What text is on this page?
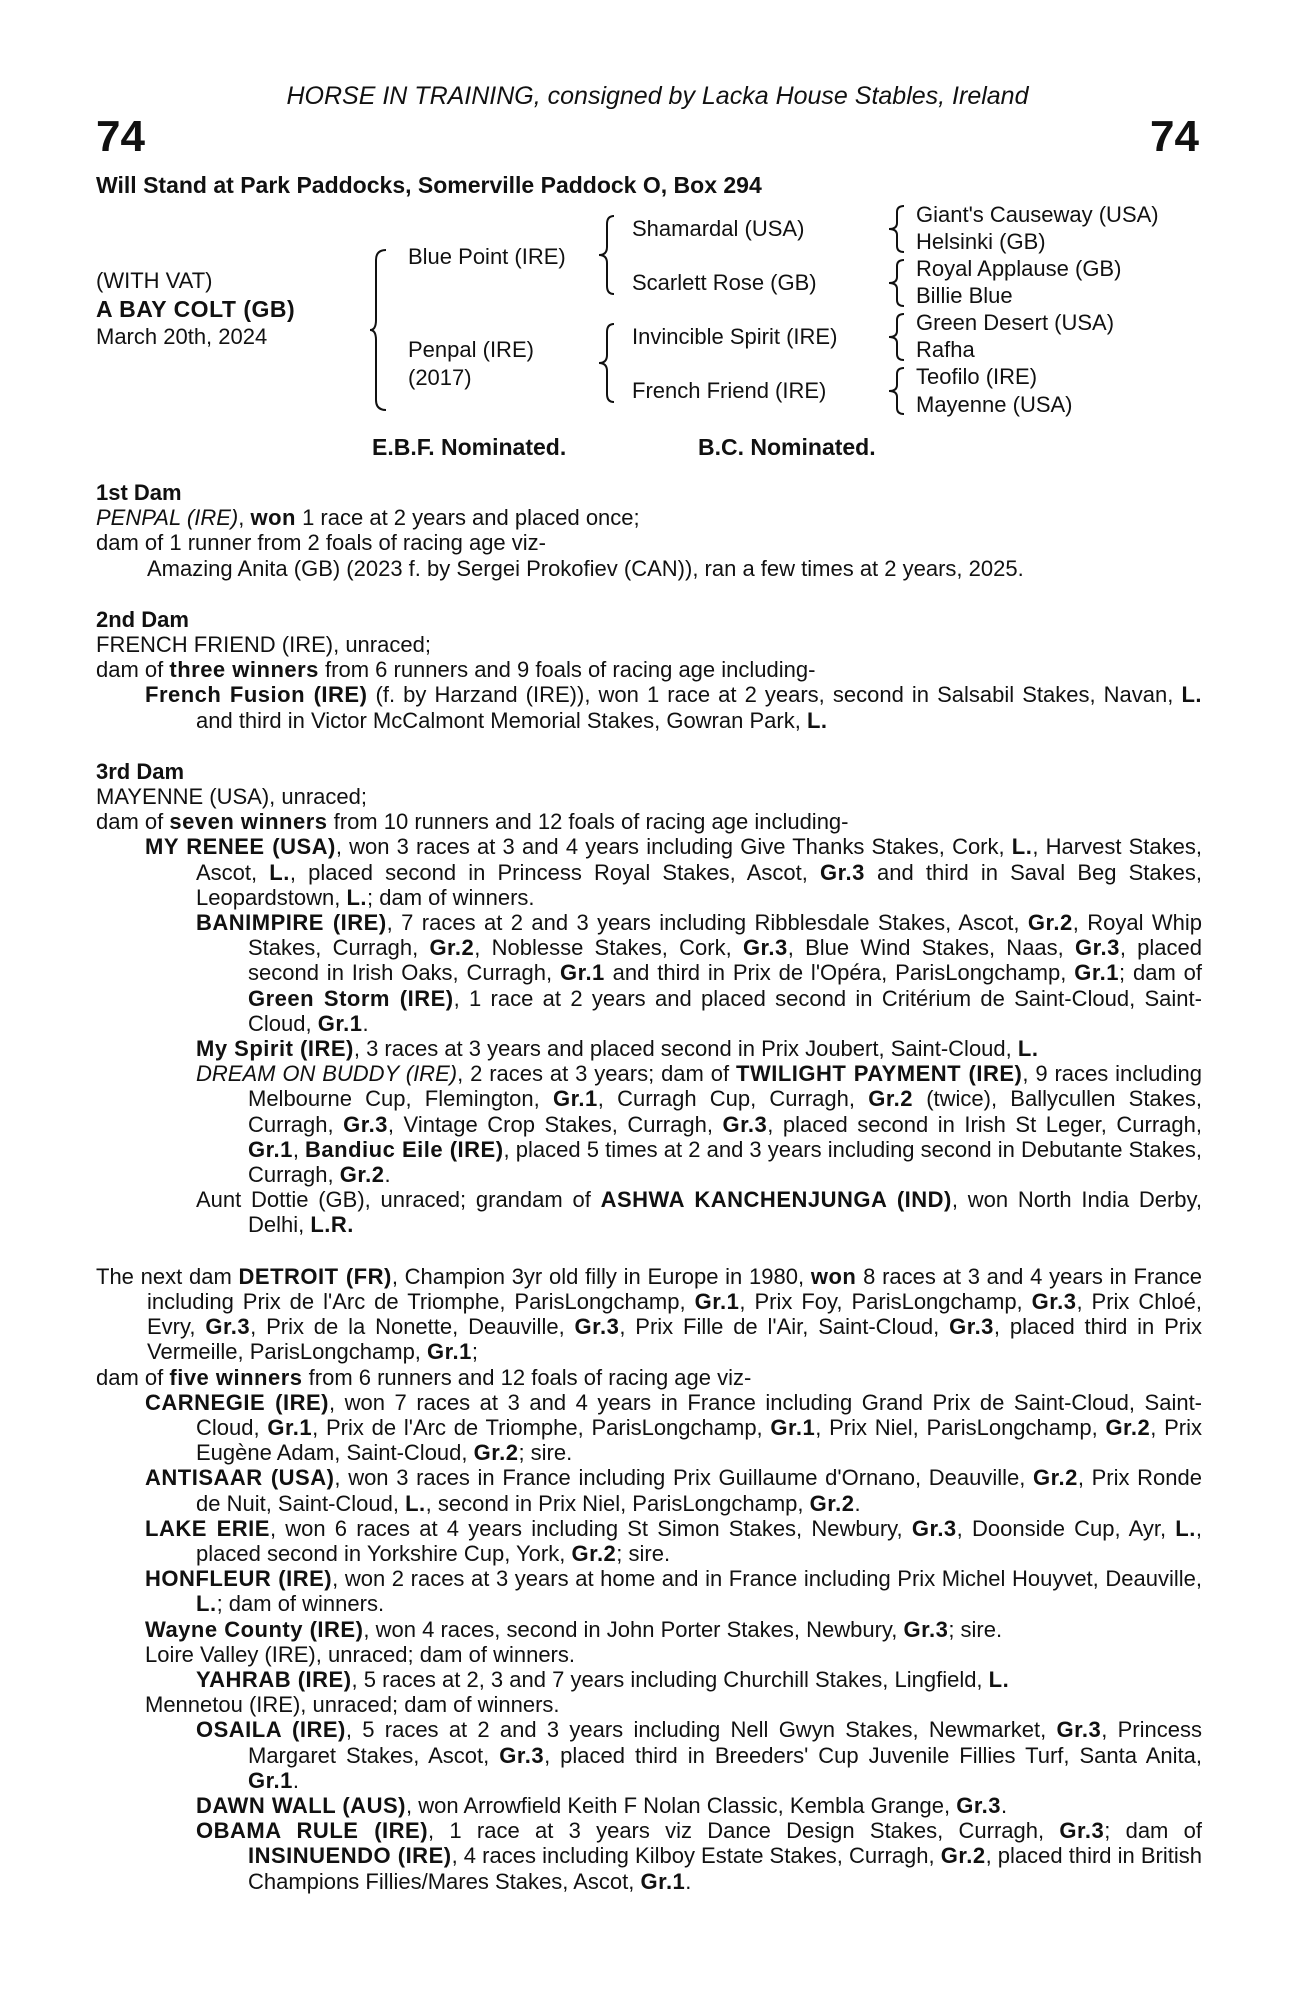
HORSE IN TRAINING, consigned by Lacka House Stables, Ireland
74	74
Will Stand at Park Paddocks, Somerville Paddock O, Box 294
(WITH VAT)
A BAY COLT (GB)
March 20th, 2024
Blue Point (IRE)
Penpal (IRE)
(2017)
Shamardal (USA)
Scarlett Rose (GB)
Invincible Spirit (IRE)
French Friend (IRE)
Giant's Causeway (USA)
Helsinki (GB)
Royal Applause (GB)
Billie Blue
Green Desert (USA)
Rafha
Teofilo (IRE)
Mayenne (USA)
E.B.F. Nominated.	B.C. Nominated.

1st Dam

PENPAL (IRE), won 1 race at 2 years and placed once;

dam of 1 runner from 2 foals of racing age viz-

Amazing Anita (GB) (2023 f. by Sergei Prokofiev (CAN)), ran a few times at 2 years, 2025.

2nd Dam

FRENCH FRIEND (IRE), unraced;

dam of three winners from 6 runners and 9 foals of racing age including-

French Fusion (IRE) (f. by Harzand (IRE)), won 1 race at 2 years, second in Salsabil Stakes, Navan, L. and third in Victor McCalmont Memorial Stakes, Gowran Park, L.

3rd Dam

MAYENNE (USA), unraced;

dam of seven winners from 10 runners and 12 foals of racing age including-

MY RENEE (USA), won 3 races at 3 and 4 years including Give Thanks Stakes, Cork, L., Harvest Stakes, Ascot, L., placed second in Princess Royal Stakes, Ascot, Gr.3 and third in Saval Beg Stakes, Leopardstown, L.; dam of winners.

BANIMPIRE (IRE), 7 races at 2 and 3 years including Ribblesdale Stakes, Ascot, Gr.2, Royal Whip Stakes, Curragh, Gr.2, Noblesse Stakes, Cork, Gr.3, Blue Wind Stakes, Naas, Gr.3, placed second in Irish Oaks, Curragh, Gr.1 and third in Prix de l'Opéra, ParisLongchamp, Gr.1; dam of Green Storm (IRE), 1 race at 2 years and placed second in Critérium de Saint-Cloud, Saint-Cloud, Gr.1.

My Spirit (IRE), 3 races at 3 years and placed second in Prix Joubert, Saint-Cloud, L.

DREAM ON BUDDY (IRE), 2 races at 3 years; dam of TWILIGHT PAYMENT (IRE), 9 races including Melbourne Cup, Flemington, Gr.1, Curragh Cup, Curragh, Gr.2 (twice), Ballycullen Stakes, Curragh, Gr.3, Vintage Crop Stakes, Curragh, Gr.3, placed second in Irish St Leger, Curragh, Gr.1, Bandiuc Eile (IRE), placed 5 times at 2 and 3 years including second in Debutante Stakes, Curragh, Gr.2.

Aunt Dottie (GB), unraced; grandam of ASHWA KANCHENJUNGA (IND), won North India Derby, Delhi, L.R.

The next dam DETROIT (FR), Champion 3yr old filly in Europe in 1980, won 8 races at 3 and 4 years in France including Prix de l'Arc de Triomphe, ParisLongchamp, Gr.1, Prix Foy, ParisLongchamp, Gr.3, Prix Chloé, Evry, Gr.3, Prix de la Nonette, Deauville, Gr.3, Prix Fille de l'Air, Saint-Cloud, Gr.3, placed third in Prix Vermeille, ParisLongchamp, Gr.1;

dam of five winners from 6 runners and 12 foals of racing age viz-

CARNEGIE (IRE), won 7 races at 3 and 4 years in France including Grand Prix de Saint-Cloud, Saint-Cloud, Gr.1, Prix de l'Arc de Triomphe, ParisLongchamp, Gr.1, Prix Niel, ParisLongchamp, Gr.2, Prix Eugène Adam, Saint-Cloud, Gr.2; sire.

ANTISAAR (USA), won 3 races in France including Prix Guillaume d'Ornano, Deauville, Gr.2, Prix Ronde de Nuit, Saint-Cloud, L., second in Prix Niel, ParisLongchamp, Gr.2.

LAKE ERIE, won 6 races at 4 years including St Simon Stakes, Newbury, Gr.3, Doonside Cup, Ayr, L., placed second in Yorkshire Cup, York, Gr.2; sire.

HONFLEUR (IRE), won 2 races at 3 years at home and in France including Prix Michel Houyvet, Deauville, L.; dam of winners.

Wayne County (IRE), won 4 races, second in John Porter Stakes, Newbury, Gr.3; sire.

Loire Valley (IRE), unraced; dam of winners.

YAHRAB (IRE), 5 races at 2, 3 and 7 years including Churchill Stakes, Lingfield, L.

Mennetou (IRE), unraced; dam of winners.

OSAILA (IRE), 5 races at 2 and 3 years including Nell Gwyn Stakes, Newmarket, Gr.3, Princess Margaret Stakes, Ascot, Gr.3, placed third in Breeders' Cup Juvenile Fillies Turf, Santa Anita, Gr.1.

DAWN WALL (AUS), won Arrowfield Keith F Nolan Classic, Kembla Grange, Gr.3.

OBAMA RULE (IRE), 1 race at 3 years viz Dance Design Stakes, Curragh, Gr.3; dam of INSINUENDO (IRE), 4 races including Kilboy Estate Stakes, Curragh, Gr.2, placed third in British Champions Fillies/Mares Stakes, Ascot, Gr.1.
